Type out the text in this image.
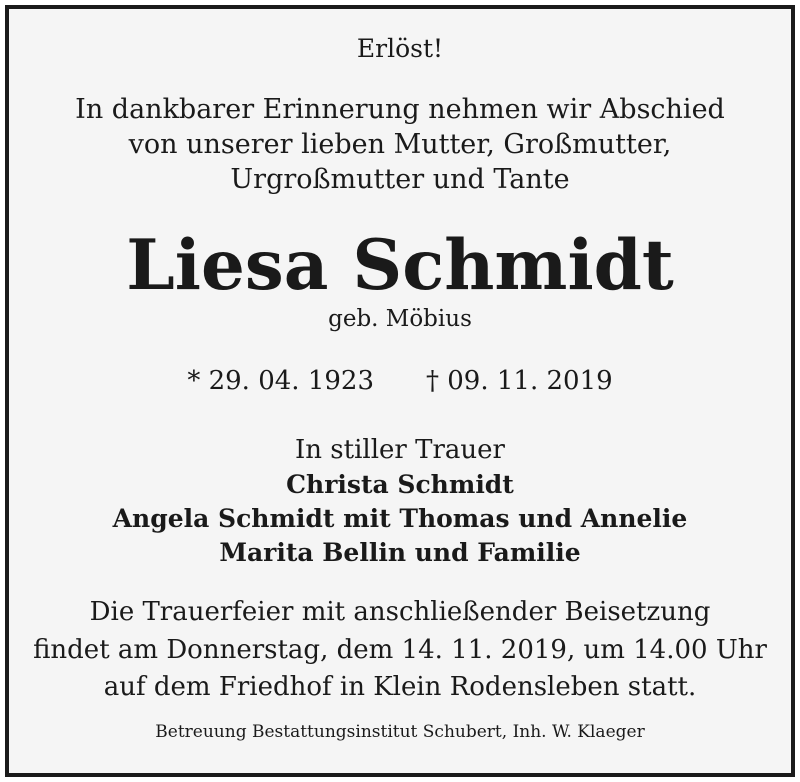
Erlöst!
In dankbarer Erinnerung nehmen wir Abschied
von unserer lieben Mutter, Großmutter,
Urgroßmutter und Tante
Liesa Schmidt
geb. Möbius
* 29. 04. 1923 † 09. 11. 2019
In stiller Trauer
Christa Schmidt
Angela Schmidt mit Thomas und Annelie
Marita Bellin und Familie
Die Trauerfeier mit anschließender Beisetzung
findet am Donnerstag, dem 14. 11. 2019, um 14.00 Uhr
auf dem Friedhof in Klein Rodensleben statt.
Betreuung Bestattungsinstitut Schubert, Inh. W. Klaeger
